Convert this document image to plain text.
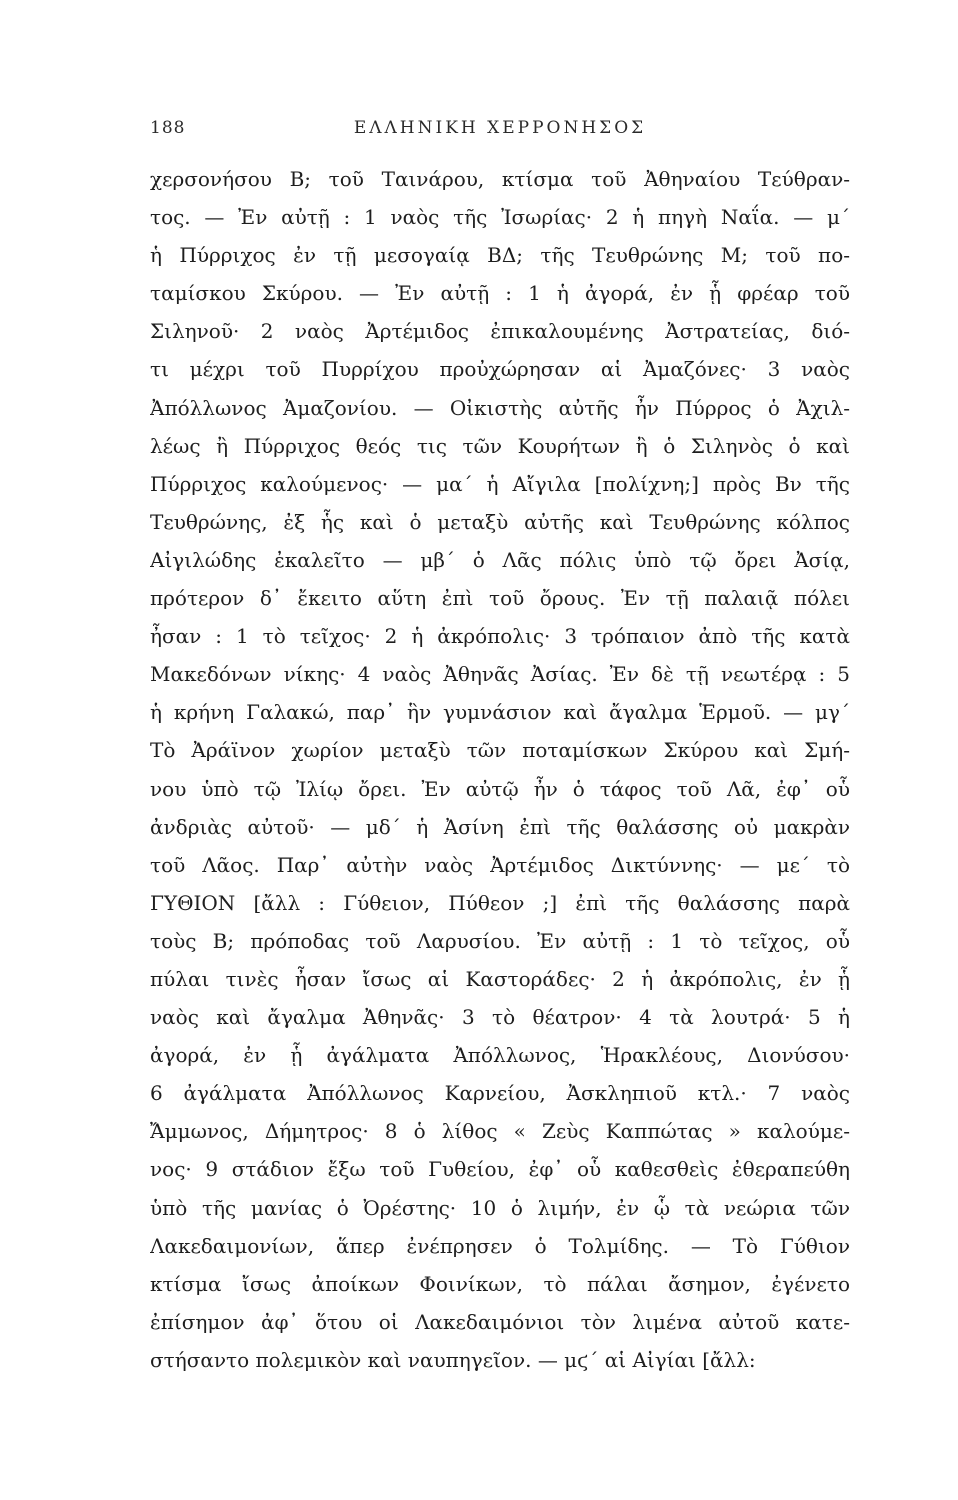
188	ΕΛΛΗΝΙΚΗ ΧΕΡΡΟΝΗΣΟΣ
χερσονήσου Β; τοῦ Ταινάρου, κτίσμα τοῦ Ἀθηναίου Τεύθραν-
τος. — Ἐν αὐτῇ : 1 ναὸς τῆς Ἰσωρίας· 2 ἡ πηγὴ Ναΐα. — μ´
ἡ Πύρριχος ἐν τῇ μεσογαίᾳ ΒΔ; τῆς Τευθρώνης Μ; τοῦ πο-
ταμίσκου Σκύρου. — Ἐν αὐτῇ : 1 ἡ ἀγορά, ἐν ᾗ φρέαρ τοῦ
Σιληνοῦ· 2 ναὸς Ἀρτέμιδος ἐπικαλουμένης Ἀστρατείας, διό-
τι μέχρι τοῦ Πυρρίχου προὐχώρησαν αἱ Ἀμαζόνες· 3 ναὸς
Ἀπόλλωνος Ἀμαζονίου. — Οἰκιστὴς αὐτῆς ἦν Πύρρος ὁ Ἀχιλ-
λέως ἢ Πύρριχος θεός τις τῶν Κουρήτων ἢ ὁ Σιληνὸς ὁ καὶ
Πύρριχος καλούμενος· — μα´ ἡ Αἴγιλα [πολίχνη;] πρὸς Βν τῆς
Τευθρώνης, ἐξ ἧς καὶ ὁ μεταξὺ αὐτῆς καὶ Τευθρώνης κόλπος
Αἰγιλώδης ἐκαλεῖτο — μβ´ ὁ Λᾶς πόλις ὑπὸ τῷ ὄρει Ἀσίᾳ,
πρότερον δ᾽ ἔκειτο αὕτη ἐπὶ τοῦ ὄρους. Ἐν τῇ παλαιᾷ πόλει
ἦσαν : 1 τὸ τεῖχος· 2 ἡ ἀκρόπολις· 3 τρόπαιον ἀπὸ τῆς κατὰ
Μακεδόνων νίκης· 4 ναὸς Ἀθηνᾶς Ἀσίας. Ἐν δὲ τῇ νεωτέρᾳ : 5
ἡ κρήνη Γαλακώ, παρ᾽ ἣν γυμνάσιον καὶ ἄγαλμα Ἑρμοῦ. — μγ´
Τὸ Ἀράϊνον χωρίον μεταξὺ τῶν ποταμίσκων Σκύρου καὶ Σμή-
νου ὑπὸ τῷ Ἰλίῳ ὄρει. Ἐν αὐτῷ ἦν ὁ τάφος τοῦ Λᾶ, ἐφ᾽ οὗ
ἀνδριὰς αὐτοῦ· — μδ´ ἡ Ἀσίνη ἐπὶ τῆς θαλάσσης οὐ μακρὰν
τοῦ Λᾶος. Παρ᾽ αὐτὴν ναὸς Ἀρτέμιδος Δικτύννης· — με´ τὸ
ΓΥΘΙΟΝ [ἄλλ : Γύθειον, Πύθεον ;] ἐπὶ τῆς θαλάσσης παρὰ
τοὺς Β; πρόποδας τοῦ Λαρυσίου. Ἐν αὐτῇ : 1 τὸ τεῖχος, οὗ
πύλαι τινὲς ἦσαν ἴσως αἱ Καστοράδες· 2 ἡ ἀκρόπολις, ἐν ᾗ
ναὸς καὶ ἄγαλμα Ἀθηνᾶς· 3 τὸ θέατρον· 4 τὰ λουτρά· 5 ἡ
ἀγορά, ἐν ᾗ ἀγάλματα Ἀπόλλωνος, Ἡρακλέους, Διονύσου·
6 ἀγάλματα Ἀπόλλωνος Καρνείου, Ἀσκληπιοῦ κτλ.· 7 ναὸς
Ἄμμωνος, Δήμητρος· 8 ὁ λίθος « Ζεὺς Καππώτας » καλούμε-
νος· 9 στάδιον ἔξω τοῦ Γυθείου, ἐφ᾽ οὗ καθεσθεὶς ἐθεραπεύθη
ὑπὸ τῆς μανίας ὁ Ὀρέστης· 10 ὁ λιμήν, ἐν ᾧ τὰ νεώρια τῶν
Λακεδαιμονίων, ἅπερ ἐνέπρησεν ὁ Τολμίδης. — Τὸ Γύθιον
κτίσμα ἴσως ἀποίκων Φοινίκων, τὸ πάλαι ἄσημον, ἐγένετο
ἐπίσημον ἀφ᾽ ὅτου οἱ Λακεδαιμόνιοι τὸν λιμένα αὐτοῦ κατε-
στήσαντο πολεμικὸν καὶ ναυπηγεῖον. — μϛ´ αἱ Αἰγίαι [ἄλλ:
